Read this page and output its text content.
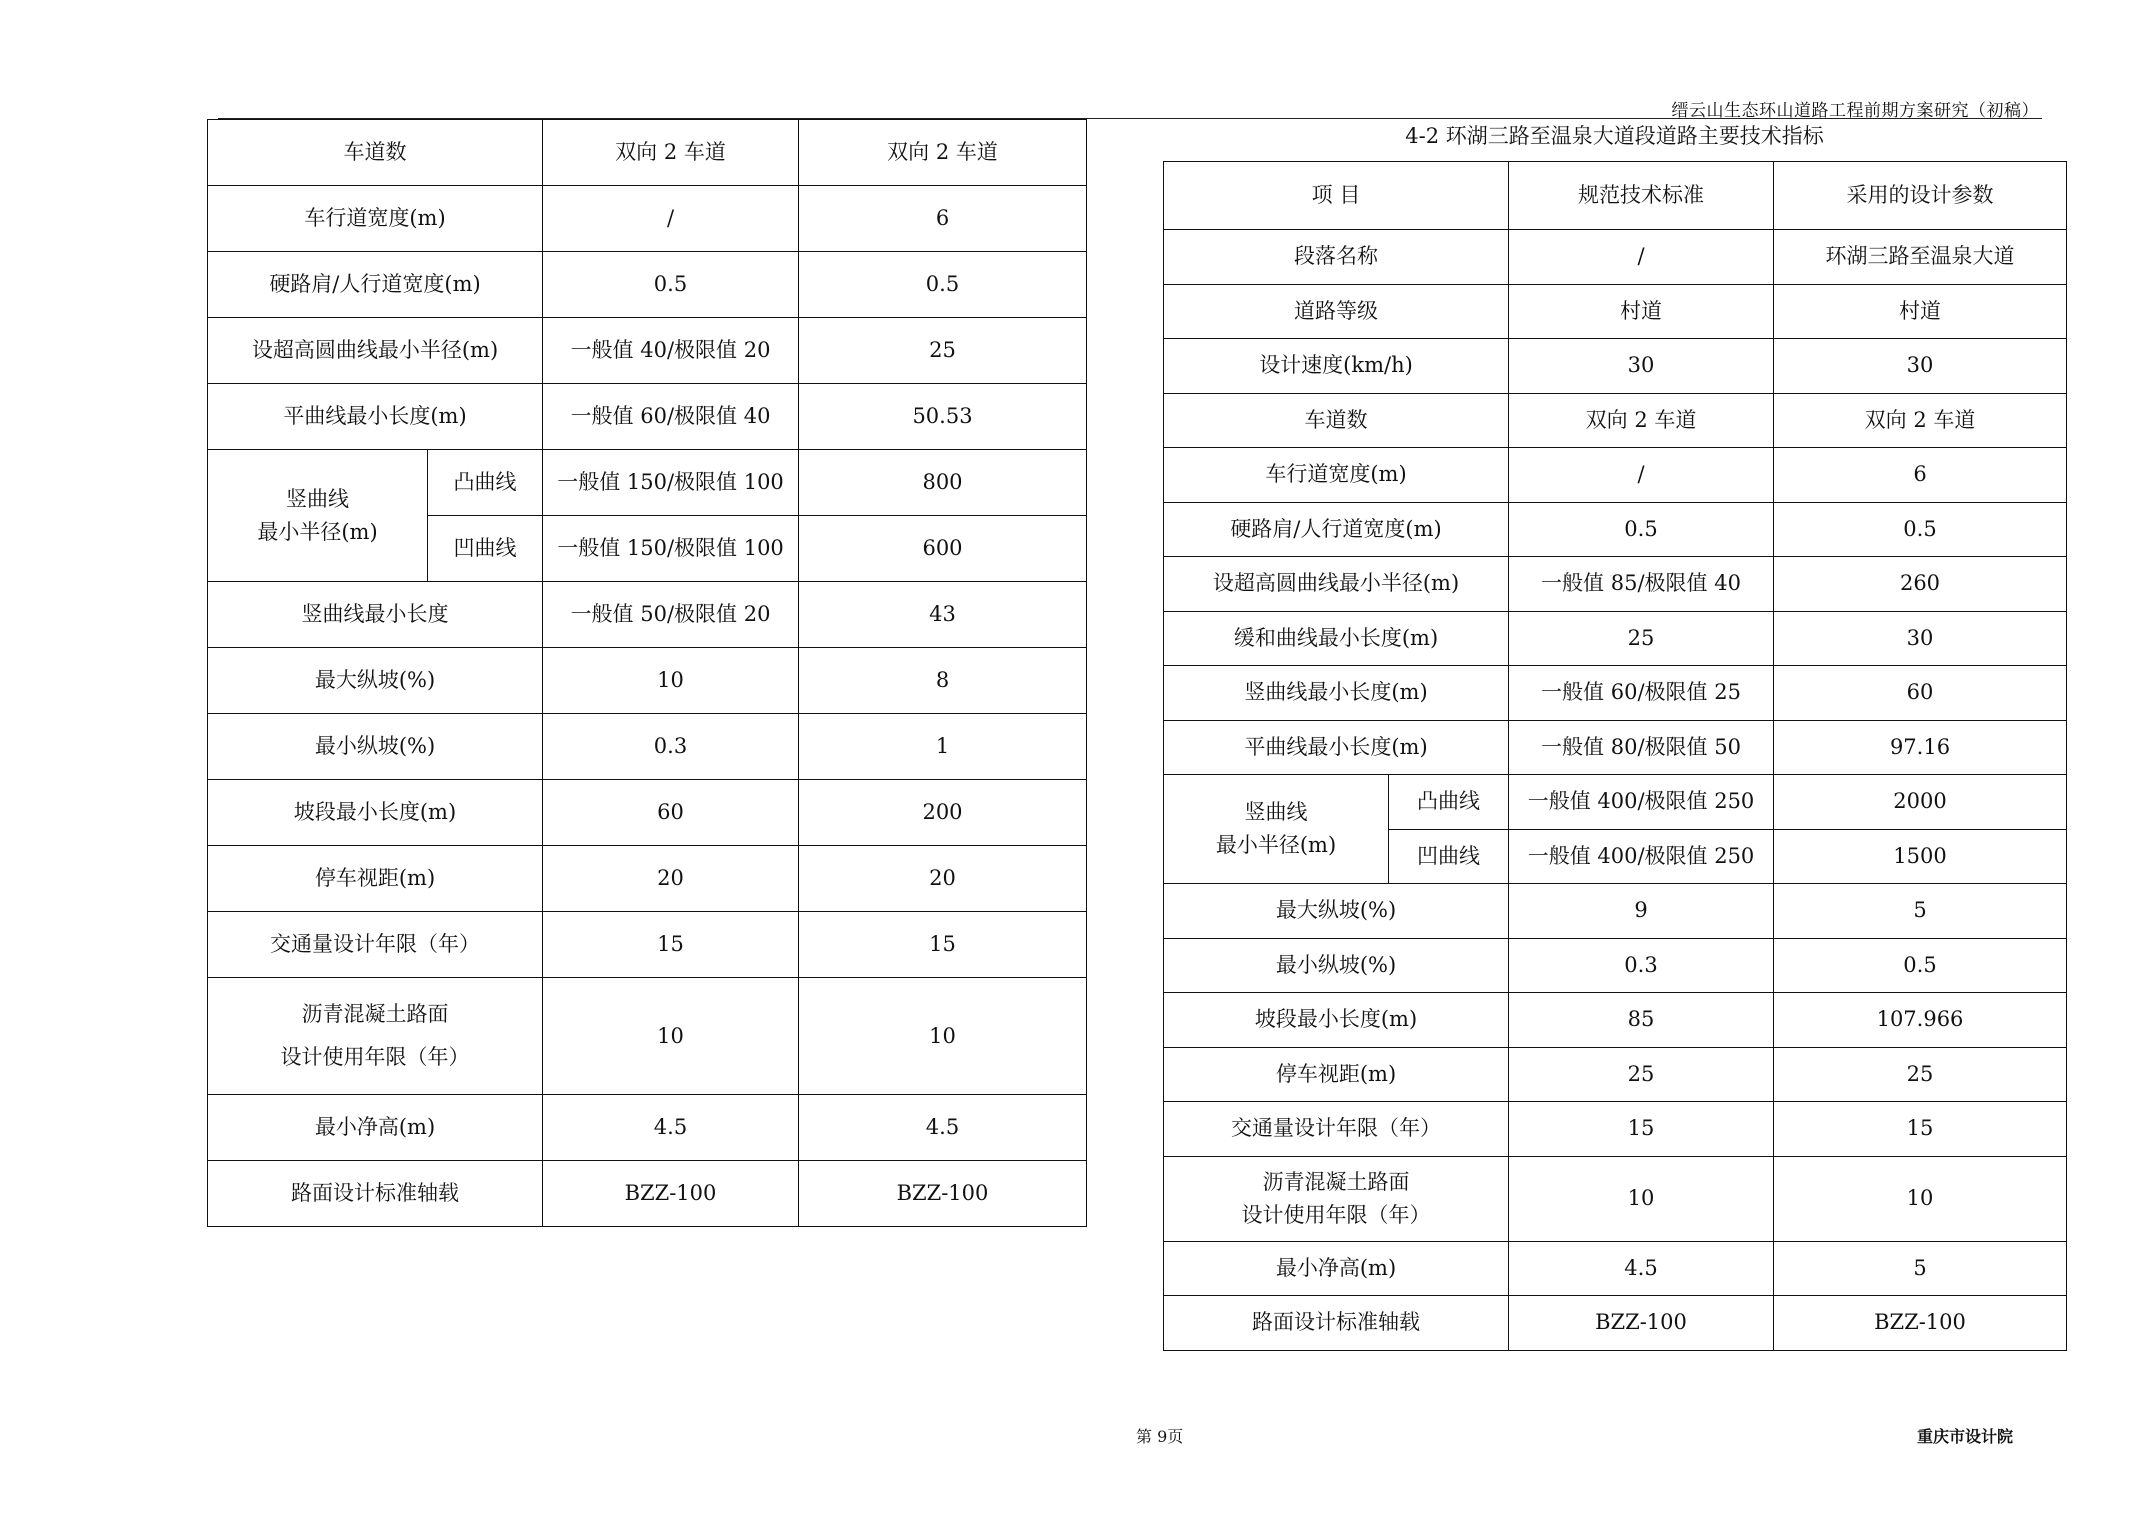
缙云山生态环山道路工程前期方案研究（初稿）
车道数		双向 2 车道	双向 2 车道
车行道宽度(m)		/	6
硬路肩/人行道宽度(m)		0.5	0.5
设超高圆曲线最小半径(m)		一般值 40/极限值 20	25
平曲线最小长度(m)		一般值 60/极限值 40	50.53

竖曲线
最小半径(m)	凸曲线	一般值 150/极限值 100	800
	凹曲线	一般值 150/极限值 100	600
竖曲线最小长度		一般值 50/极限值 20	43
最大纵坡(%)		10	8
最小纵坡(%)		0.3	1
坡段最小长度(m)		60	200
停车视距(m)		20	20
交通量设计年限（年）		15	15

沥青混凝土路面
设计使用年限（年）		10	10
最小净高(m)		4.5	4.5
路面设计标准轴载		BZZ-100	BZZ-100
4-2 环湖三路至温泉大道段道路主要技术指标
项 目		规范技术标准	采用的设计参数
段落名称		/	环湖三路至温泉大道
道路等级		村道	村道
设计速度(km/h)		30	30
车道数		双向 2 车道	双向 2 车道
车行道宽度(m)		/	6
硬路肩/人行道宽度(m)		0.5	0.5
设超高圆曲线最小半径(m)		一般值 85/极限值 40	260
缓和曲线最小长度(m)		25	30
竖曲线最小长度(m)		一般值 60/极限值 25	60
平曲线最小长度(m)		一般值 80/极限值 50	97.16

竖曲线
最小半径(m)	凸曲线	一般值 400/极限值 250	2000
	凹曲线	一般值 400/极限值 250	1500
最大纵坡(%)		9	5
最小纵坡(%)		0.3	0.5
坡段最小长度(m)		85	107.966
停车视距(m)		25	25
交通量设计年限（年）		15	15

沥青混凝土路面
设计使用年限（年）		10	10
最小净高(m)		4.5	5
路面设计标准轴载		BZZ-100	BZZ-100
第 9页	重庆市设计院
